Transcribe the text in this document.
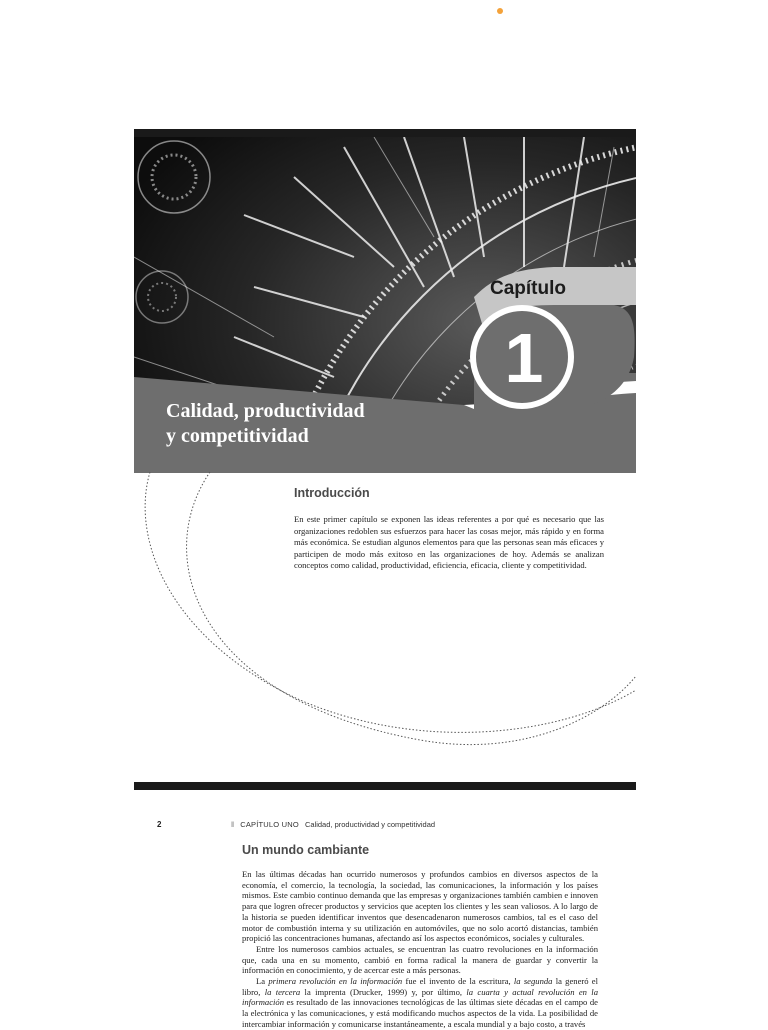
Capítulo
1
Calidad, productividad
y competitividad
Introducción
En este primer capítulo se exponen las ideas referentes a por qué es necesario que las organizaciones redoblen sus esfuerzos para hacer las cosas mejor, más rápido y en forma más económica. Se estudian algunos elementos para que las personas sean más eficaces y participen de modo más exitoso en las organizaciones de hoy. Además se analizan conceptos como calidad, productividad, eficiencia, eficacia, cliente y competitividad.
2	‖ CAPÍTULO UNO Calidad, productividad y competitividad
Un mundo cambiante

En las últimas décadas han ocurrido numerosos y profundos cambios en diversos aspectos de la economía, el comercio, la tecnología, la sociedad, las comunicaciones, la información y los países mismos. Este cambio continuo demanda que las empresas y organizaciones también cambien e innoven para que logren ofrecer productos y servicios que acepten los clientes y les sean valiosos. A lo largo de la historia se pueden identificar inventos que desencadenaron numerosos cambios, tal es el caso del motor de combustión interna y su utilización en automóviles, que no solo acortó distancias, también propició las concentraciones humanas, afectando así los aspectos económicos, sociales y culturales.

Entre los numerosos cambios actuales, se encuentran las cuatro revoluciones en la información que, cada una en su momento, cambió en forma radical la manera de guardar y convertir la información en conocimiento, y de acercar este a más personas.

La primera revolución en la información fue el invento de la escritura, la segunda la generó el libro, la tercera la imprenta (Drucker, 1999) y, por último, la cuarta y actual revolución en la información es resultado de las innovaciones tecnológicas de las últimas siete décadas en el campo de la electrónica y las comunicaciones, y está modificando muchos aspectos de la vida. La posibilidad de intercambiar información y comunicarse instantáneamente, a escala mundial y a bajo costo, a través
